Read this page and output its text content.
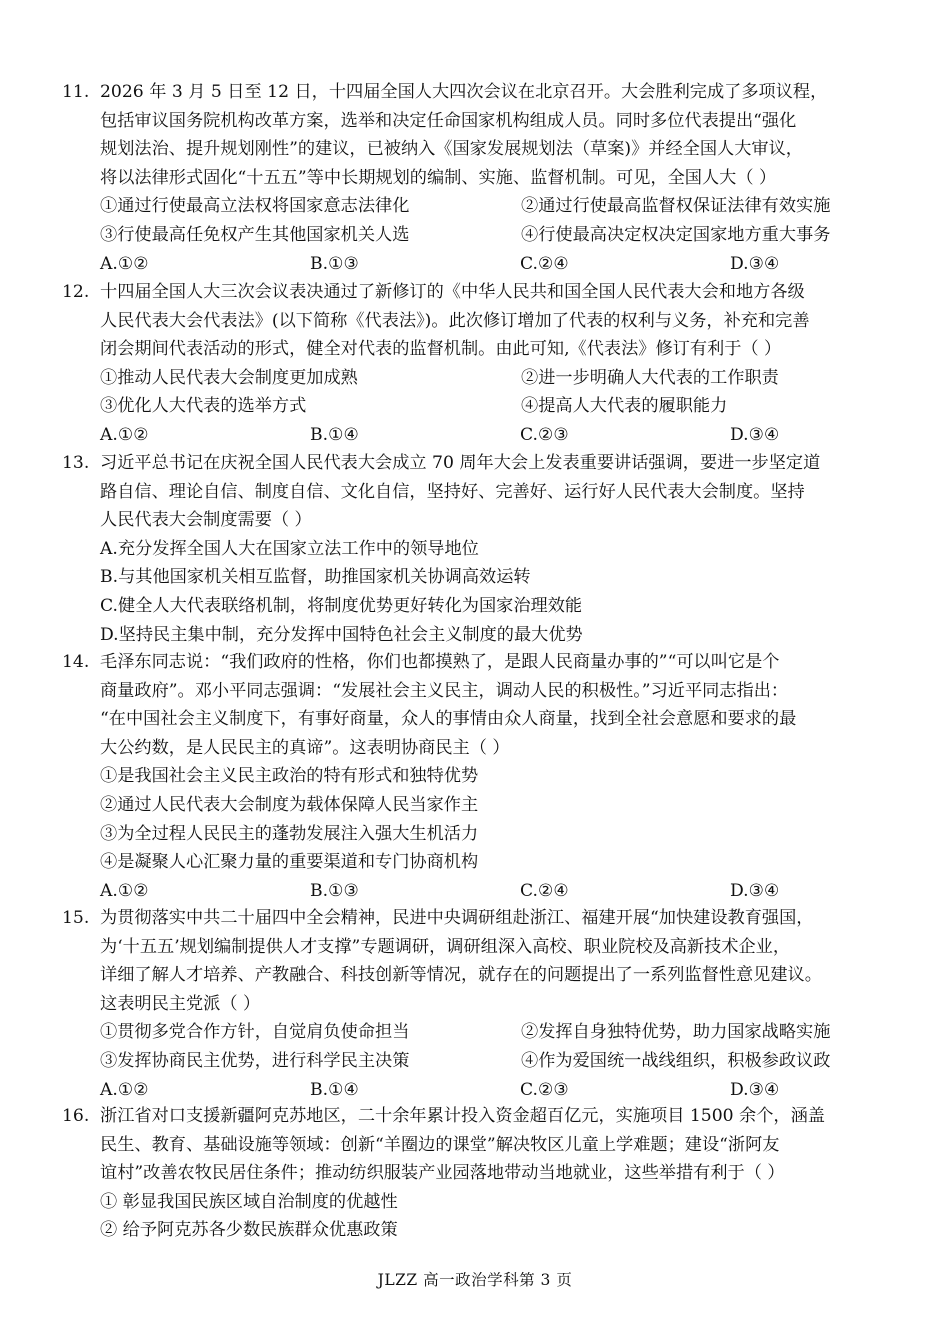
11. 2026 年 3 月 5 日至 12 日，十四届全国人大四次会议在北京召开。大会胜利完成了多项议程，
包括审议国务院机构改革方案，选举和决定任命国家机构组成人员。同时多位代表提出“强化
规划法治、提升规划刚性”的建议，已被纳入《国家发展规划法（草案)》并经全国人大审议，
将以法律形式固化“十五五”等中长期规划的编制、实施、监督机制。可见，全国人大（ ）
①通过行使最高立法权将国家意志法律化	②通过行使最高监督权保证法律有效实施
③行使最高任免权产生其他国家机关人选	④行使最高决定权决定国家地方重大事务
A.①②	B.①③	C.②④	D.③④
12. 十四届全国人大三次会议表决通过了新修订的《中华人民共和国全国人民代表大会和地方各级
人民代表大会代表法》(以下简称《代表法》)。此次修订增加了代表的权利与义务，补充和完善
闭会期间代表活动的形式，健全对代表的监督机制。由此可知,《代表法》修订有利于（ ）
①推动人民代表大会制度更加成熟	②进一步明确人大代表的工作职责
③优化人大代表的选举方式	④提高人大代表的履职能力
A.①②	B.①④	C.②③	D.③④
13. 习近平总书记在庆祝全国人民代表大会成立 70 周年大会上发表重要讲话强调，要进一步坚定道
路自信、理论自信、制度自信、文化自信，坚持好、完善好、运行好人民代表大会制度。坚持
人民代表大会制度需要（ ）
A.充分发挥全国人大在国家立法工作中的领导地位
B.与其他国家机关相互监督，助推国家机关协调高效运转
C.健全人大代表联络机制，将制度优势更好转化为国家治理效能
D.坚持民主集中制，充分发挥中国特色社会主义制度的最大优势
14. 毛泽东同志说：“我们政府的性格，你们也都摸熟了，是跟人民商量办事的”“可以叫它是个
商量政府”。邓小平同志强调：“发展社会主义民主，调动人民的积极性。”习近平同志指出：
“在中国社会主义制度下，有事好商量，众人的事情由众人商量，找到全社会意愿和要求的最
大公约数，是人民民主的真谛”。这表明协商民主（ ）
①是我国社会主义民主政治的特有形式和独特优势
②通过人民代表大会制度为载体保障人民当家作主
③为全过程人民民主的蓬勃发展注入强大生机活力
④是凝聚人心汇聚力量的重要渠道和专门协商机构
A.①②	B.①③	C.②④	D.③④
15. 为贯彻落实中共二十届四中全会精神，民进中央调研组赴浙江、福建开展“加快建设教育强国，
为‘十五五’规划编制提供人才支撑”专题调研，调研组深入高校、职业院校及高新技术企业，
详细了解人才培养、产教融合、科技创新等情况，就存在的问题提出了一系列监督性意见建议。
这表明民主党派（ ）
①贯彻多党合作方针，自觉肩负使命担当	②发挥自身独特优势，助力国家战略实施
③发挥协商民主优势，进行科学民主决策	④作为爱国统一战线组织，积极参政议政
A.①②	B.①④	C.②③	D.③④
16. 浙江省对口支援新疆阿克苏地区，二十余年累计投入资金超百亿元，实施项目 1500 余个，涵盖
民生、教育、基础设施等领域：创新“羊圈边的课堂”解决牧区儿童上学难题；建设“浙阿友
谊村”改善农牧民居住条件；推动纺织服装产业园落地带动当地就业，这些举措有利于（ ）
① 彰显我国民族区域自治制度的优越性
② 给予阿克苏各少数民族群众优惠政策
JLZZ 高一政治学科第 3 页
